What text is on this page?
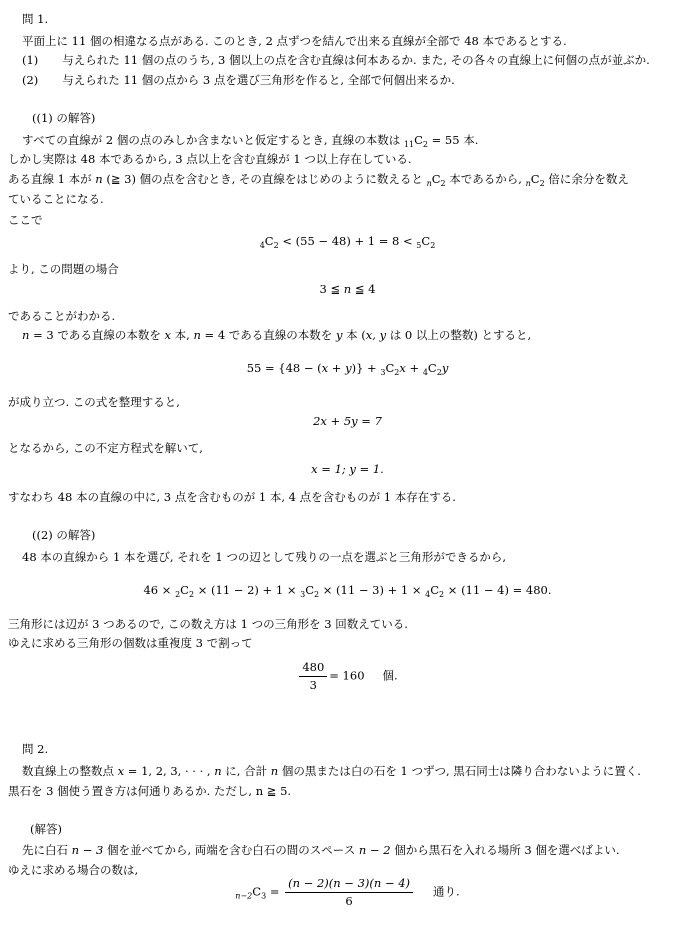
問 1.
平面上に 11 個の相違なる点がある. このとき, 2 点ずつを結んで出来る直線が全部で 48 本であるとする.
(1) 与えられた 11 個の点のうち, 3 個以上の点を含む直線は何本あるか. また, その各々の直線上に何個の点が並ぶか.
(2) 与えられた 11 個の点から 3 点を選び三角形を作ると, 全部で何個出来るか.
((1) の解答)
すべての直線が 2 個の点のみしか含まないと仮定するとき, 直線の本数は $_{11}C_2 = 55$ 本.
しかし実際は 48 本であるから, 3 点以上を含む直線が 1 つ以上存在している.
ある直線 1 本が n (≧ 3) 個の点を含むとき, その直線をはじめのように数えると $_nC_2$ 本であるから, $_nC_2$ 倍に余分を数え
ていることになる.
ここで
$_4C_2 < (55 - 48) + 1 = 8 < _5C_2$
より, この問題の場合
3 ≦ n ≦ 4
であることがわかる.
n = 3 である直線の本数を x 本, n = 4 である直線の本数を y 本 (x, y は 0 以上の整数) とすると,
$55 = \{48 - (x + y)\} + _3C_2x + _4C_2y$
が成り立つ. この式を整理すると,
2x + 5y = 7
となるから, この不定方程式を解いて,
x = 1; y = 1.
すなわち 48 本の直線の中に, 3 点を含むものが 1 本, 4 点を含むものが 1 本存在する.
((2) の解答)
48 本の直線から 1 本を選び, それを 1 つの辺として残りの一点を選ぶと三角形ができるから,
$46 \times _2C_2 \times (11 - 2) + 1 \times _3C_2 \times (11 - 3) + 1 \times _4C_2 \times (11 - 4) = 480$.
三角形には辺が 3 つあるので, この数え方は 1 つの三角形を 3 回数えている.
ゆえに求める三角形の個数は重複度 3 で割って
$\frac{480}{3} = 160$ 個.
問 2.
数直線上の整数点 x = 1, 2, 3, · · · , n に, 合計 n 個の黒または白の石を 1 つずつ, 黒石同士は隣り合わないように置く.
黒石を 3 個使う置き方は何通りあるか. ただし, n ≧ 5.
(解答)
先に白石 n − 3 個を並べてから, 両端を含む白石の間のスペース n − 2 個から黒石を入れる場所 3 個を選べばよい.
ゆえに求める場合の数は,
$_{n-2}C_3 = \frac{(n - 2)(n - 3)(n - 4)}{6}$ 通り.
